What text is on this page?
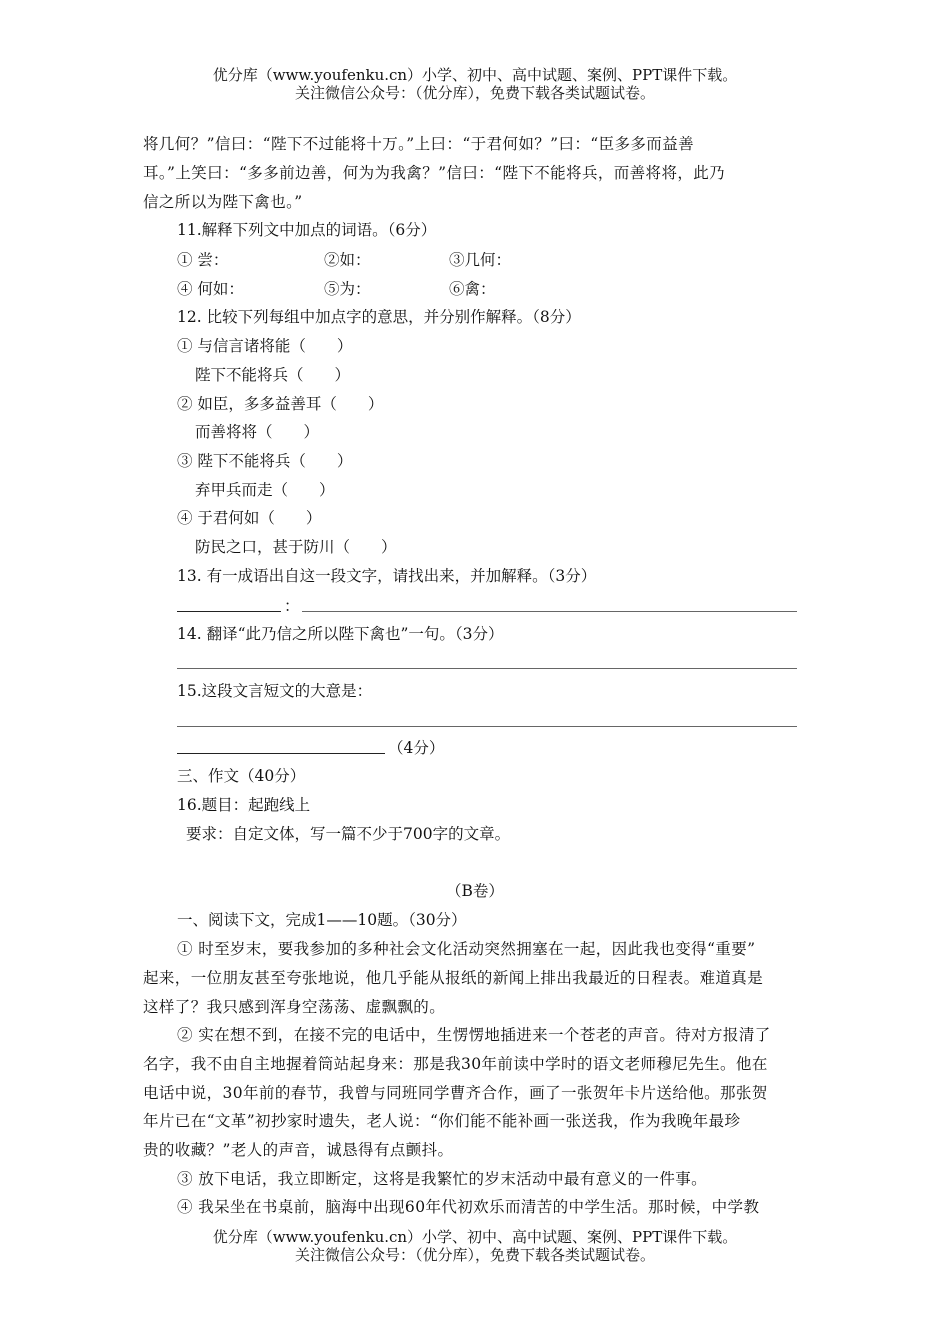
优分库（www.youfenku.cn）小学、初中、高中试题、案例、PPT课件下载。
关注微信公众号：（优分库），免费下载各类试题试卷。
将几何？”信曰：“陛下不过能将十万。”上曰：“于君何如？”曰：“臣多多而益善
耳。”上笑曰：“多多前边善，何为为我禽？”信曰：“陛下不能将兵，而善将将，此乃
信之所以为陛下禽也。”
11.解释下列文中加点的词语。（6分）
① 尝：	②如：	③几何：
④ 何如：	⑤为：	⑥禽：
12. 比较下列每组中加点字的意思，并分别作解释。（8分）
① 与信言诸将能（　　）
陛下不能将兵（　　）
② 如臣，多多益善耳（　　）
而善将将（　　）
③ 陛下不能将兵（　　）
弃甲兵而走（　　）
④ 于君何如（　　）
防民之口，甚于防川（　　）
13. 有一成语出自这一段文字，请找出来，并加解释。（3分）
：
14. 翻译“此乃信之所以陛下禽也”一句。（3分）
15.这段文言短文的大意是：
（4分）
三、作文（40分）
16.题目：起跑线上
要求：自定文体，写一篇不少于700字的文章。
（B卷）
一、阅读下文，完成1——10题。（30分）
① 时至岁末，要我参加的多种社会文化活动突然拥塞在一起，因此我也变得“重要”
起来，一位朋友甚至夸张地说，他几乎能从报纸的新闻上排出我最近的日程表。难道真是
这样了？我只感到浑身空荡荡、虚飘飘的。
② 实在想不到，在接不完的电话中，生愣愣地插进来一个苍老的声音。待对方报清了
名字，我不由自主地握着筒站起身来：那是我30年前读中学时的语文老师穆尼先生。他在
电话中说，30年前的春节，我曾与同班同学曹齐合作，画了一张贺年卡片送给他。那张贺
年片已在“文革”初抄家时遗失，老人说：“你们能不能补画一张送我，作为我晚年最珍
贵的收藏？”老人的声音，诚恳得有点颤抖。
③ 放下电话，我立即断定，这将是我繁忙的岁末活动中最有意义的一件事。
④ 我呆坐在书桌前，脑海中出现60年代初欢乐而清苦的中学生活。那时候，中学教
优分库（www.youfenku.cn）小学、初中、高中试题、案例、PPT课件下载。
关注微信公众号：（优分库），免费下载各类试题试卷。
